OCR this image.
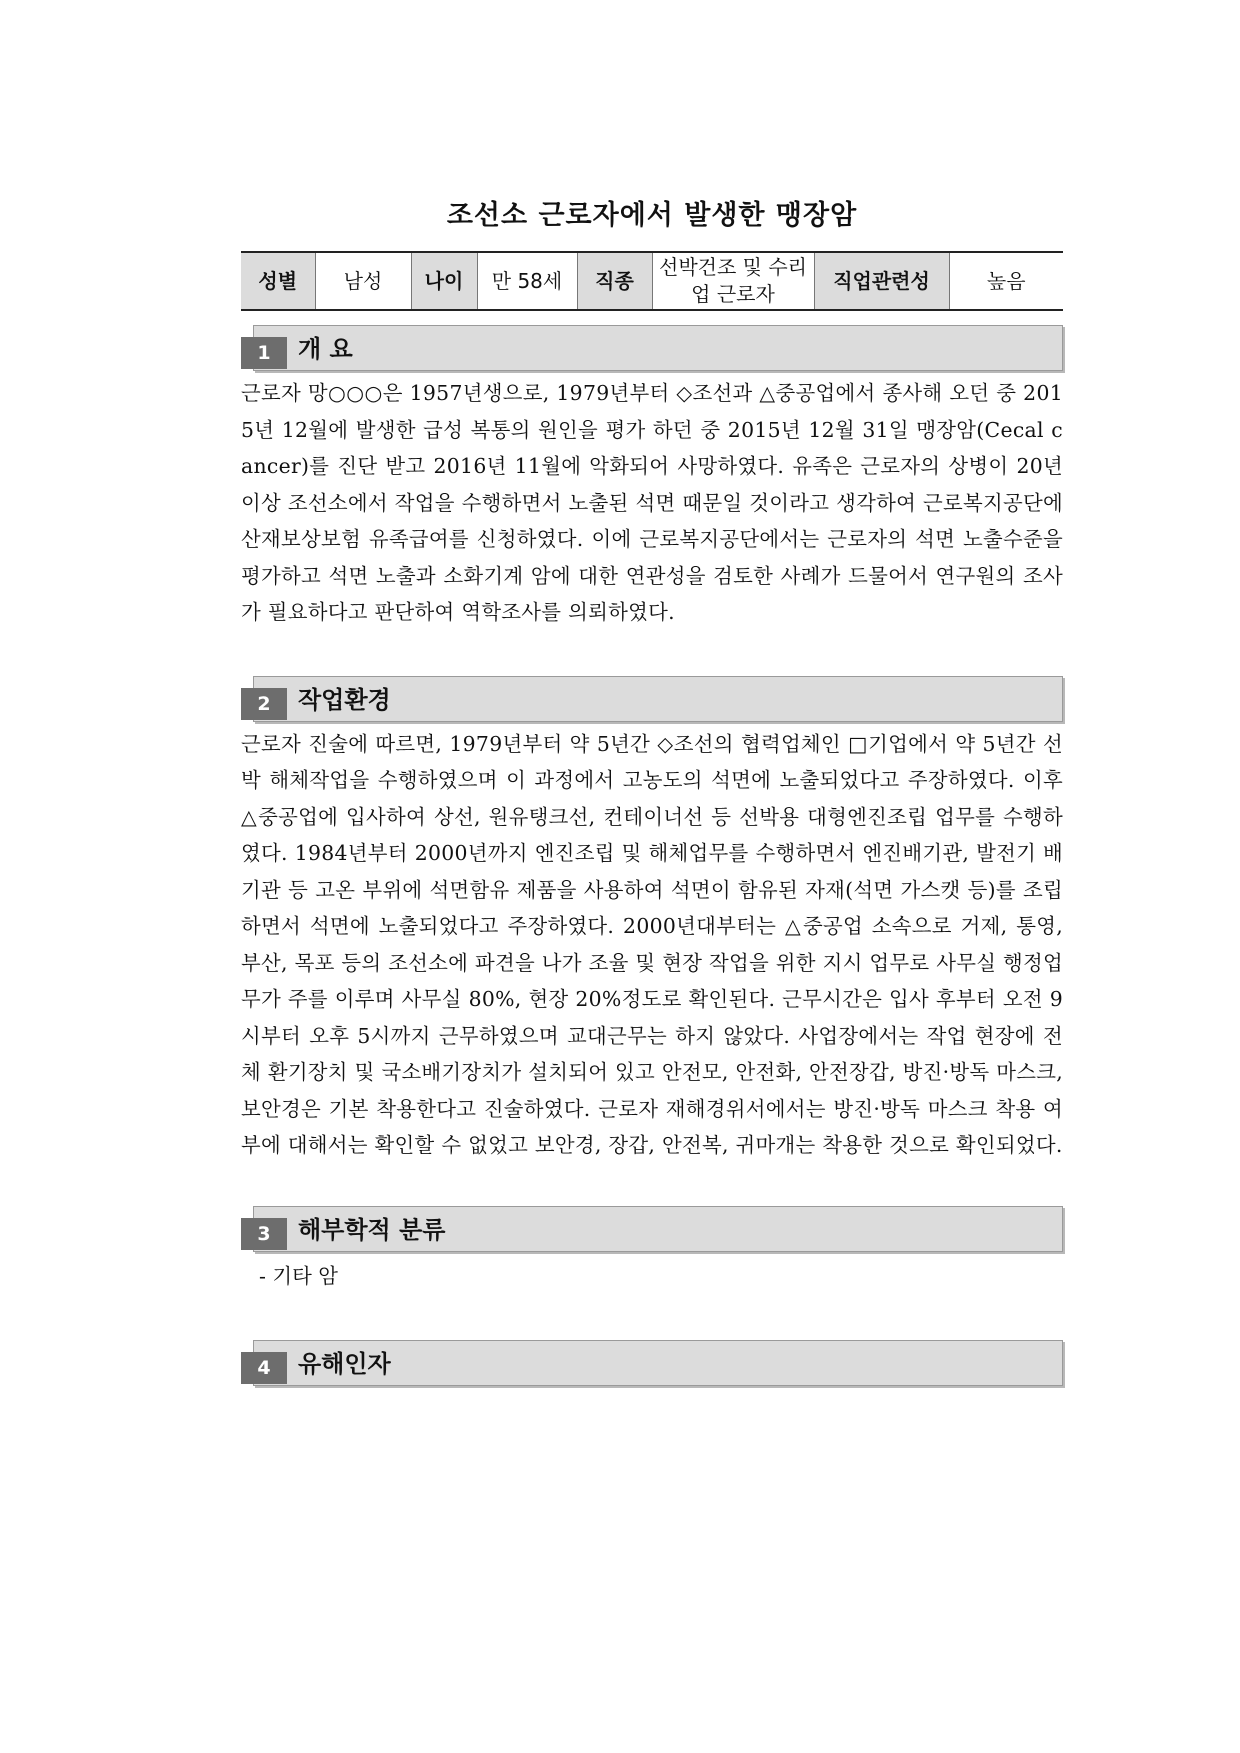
조선소 근로자에서 발생한 맹장암
성별	남성	나이	만 58세	직종	선박건조 및 수리업 근로자	직업관련성	높음
1	개 요

근로자 망○○○은 1957년생으로, 1979년부터 ◇조선과 △중공업에서 종사해 오던 중 2015년 12월에 발생한 급성 복통의 원인을 평가 하던 중 2015년 12월 31일 맹장암(Cecal cancer)를 진단 받고 2016년 11월에 악화되어 사망하였다. 유족은 근로자의 상병이 20년 이상 조선소에서 작업을 수행하면서 노출된 석면 때문일 것이라고 생각하여 근로복지공단에 산재보상보험 유족급여를 신청하였다. 이에 근로복지공단에서는 근로자의 석면 노출수준을 평가하고 석면 노출과 소화기계 암에 대한 연관성을 검토한 사례가 드물어서 연구원의 조사가 필요하다고 판단하여 역학조사를 의뢰하였다.

2	작업환경

근로자 진술에 따르면, 1979년부터 약 5년간 ◇조선의 협력업체인 □기업에서 약 5년간 선박 해체작업을 수행하였으며 이 과정에서 고농도의 석면에 노출되었다고 주장하였다. 이후 △중공업에 입사하여 상선, 원유탱크선, 컨테이너선 등 선박용 대형엔진조립 업무를 수행하였다. 1984년부터 2000년까지 엔진조립 및 해체업무를 수행하면서 엔진배기관, 발전기 배기관 등 고온 부위에 석면함유 제품을 사용하여 석면이 함유된 자재(석면 가스캣 등)를 조립하면서 석면에 노출되었다고 주장하였다. 2000년대부터는 △중공업 소속으로 거제, 통영, 부산, 목포 등의 조선소에 파견을 나가 조율 및 현장 작업을 위한 지시 업무로 사무실 행정업무가 주를 이루며 사무실 80%, 현장 20%정도로 확인된다. 근무시간은 입사 후부터 오전 9시부터 오후 5시까지 근무하였으며 교대근무는 하지 않았다. 사업장에서는 작업 현장에 전체 환기장치 및 국소배기장치가 설치되어 있고 안전모, 안전화, 안전장갑, 방진·방독 마스크, 보안경은 기본 착용한다고 진술하였다. 근로자 재해경위서에서는 방진·방독 마스크 착용 여부에 대해서는 확인할 수 없었고 보안경, 장갑, 안전복, 귀마개는 착용한 것으로 확인되었다.

3	해부학적 분류

- 기타 암

4	유해인자
